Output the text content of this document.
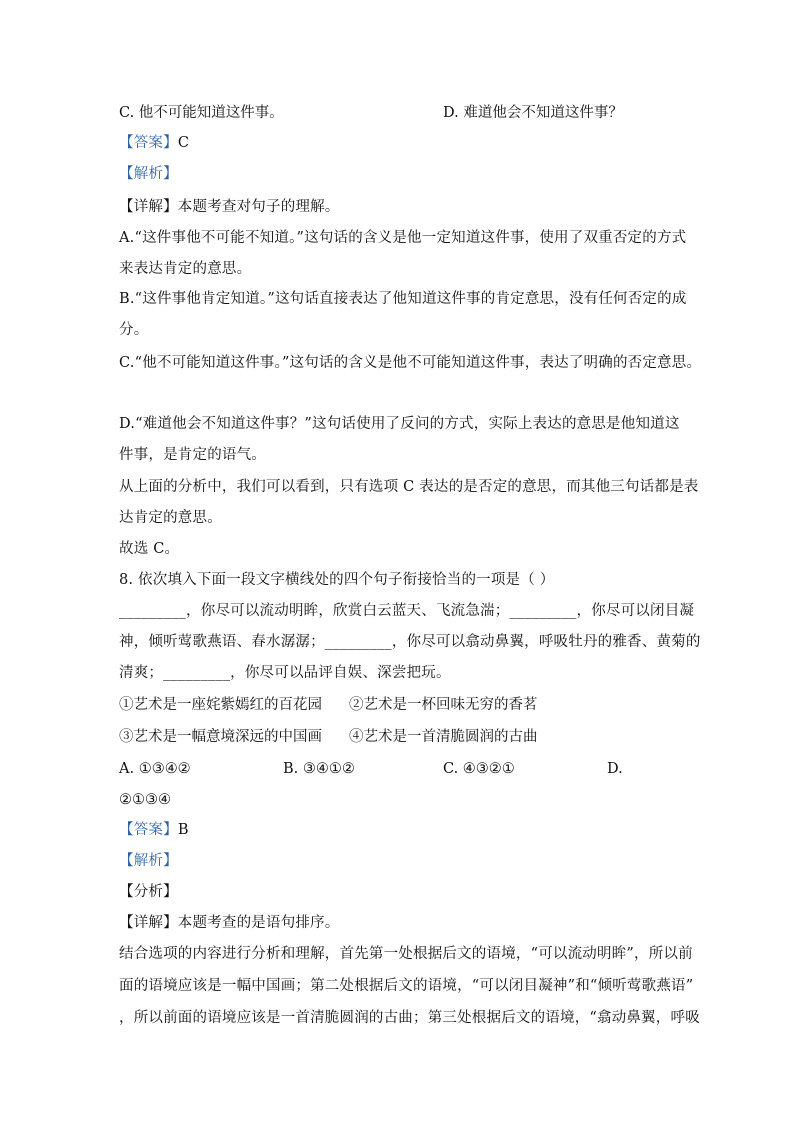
C. 他不可能知道这件事。	D. 难道他会不知道这件事？
【答案】C
【解析】
【详解】本题考查对句子的理解。
A.“这件事他不可能不知道。”这句话的含义是他一定知道这件事，使用了双重否定的方式
来表达肯定的意思。
B.“这件事他肯定知道。”这句话直接表达了他知道这件事的肯定意思，没有任何否定的成
分。
C.“他不可能知道这件事。”这句话的含义是他不可能知道这件事，表达了明确的否定意思。
D.“难道他会不知道这件事？”这句话使用了反问的方式，实际上表达的意思是他知道这
件事，是肯定的语气。
从上面的分析中，我们可以看到，只有选项 C 表达的是否定的意思，而其他三句话都是表
达肯定的意思。
故选 C。
8. 依次填入下面一段文字横线处的四个句子衔接恰当的一项是（ ）
_________，你尽可以流动明眸，欣赏白云蓝天、飞流急湍；_________，你尽可以闭目凝
神，倾听莺歌燕语、春水潺潺；_________，你尽可以翕动鼻翼，呼吸牡丹的雅香、黄菊的
清爽；_________，你尽可以品评自娱、深尝把玩。
①艺术是一座姹紫嫣红的百花园 ②艺术是一杯回味无穷的香茗
③艺术是一幅意境深远的中国画 ④艺术是一首清脆圆润的古曲
A. ①③④②	B. ③④①②	C. ④③②①	D.
②①③④
【答案】B
【解析】
【分析】
【详解】本题考查的是语句排序。
结合选项的内容进行分析和理解，首先第一处根据后文的语境，“可以流动明眸”，所以前
面的语境应该是一幅中国画；第二处根据后文的语境，“可以闭目凝神”和“倾听莺歌燕语”
，所以前面的语境应该是一首清脆圆润的古曲；第三处根据后文的语境，“翕动鼻翼，呼吸
